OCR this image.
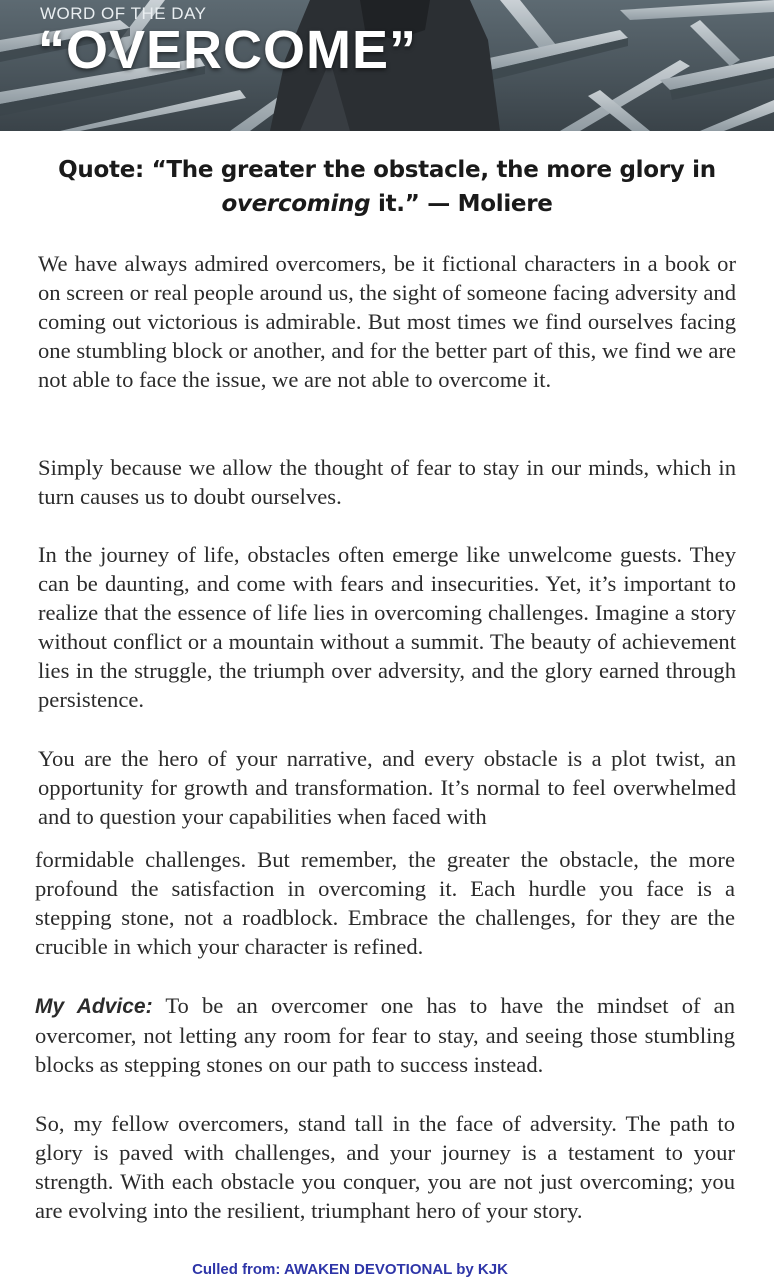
WORD OF THE DAY
“OVERCOME”
Quote: “The greater the obstacle, the more glory in overcoming it.” — Moliere
We have always admired overcomers, be it fictional characters in a book or on screen or real people around us, the sight of someone facing adversity and coming out victorious is admirable. But most times we find ourselves facing one stumbling block or another, and for the better part of this, we find we are not able to face the issue, we are not able to overcome it.
Simply because we allow the thought of fear to stay in our minds, which in turn causes us to doubt ourselves.
In the journey of life, obstacles often emerge like unwelcome guests. They can be daunting, and come with fears and insecurities. Yet, it’s important to realize that the essence of life lies in overcoming challenges. Imagine a story without conflict or a mountain without a summit. The beauty of achievement lies in the struggle, the triumph over adversity, and the glory earned through persistence.
You are the hero of your narrative, and every obstacle is a plot twist, an opportunity for growth and transformation. It’s normal to feel overwhelmed and to question your capabilities when faced with
formidable challenges. But remember, the greater the obstacle, the more profound the satisfaction in overcoming it. Each hurdle you face is a stepping stone, not a roadblock. Embrace the challenges, for they are the crucible in which your character is refined.
My Advice: To be an overcomer one has to have the mindset of an overcomer, not letting any room for fear to stay, and seeing those stumbling blocks as stepping stones on our path to success instead.
So, my fellow overcomers, stand tall in the face of adversity. The path to glory is paved with challenges, and your journey is a testament to your strength. With each obstacle you conquer, you are not just overcoming; you are evolving into the resilient, triumphant hero of your story.
Culled from: AWAKEN DEVOTIONAL by KJK
